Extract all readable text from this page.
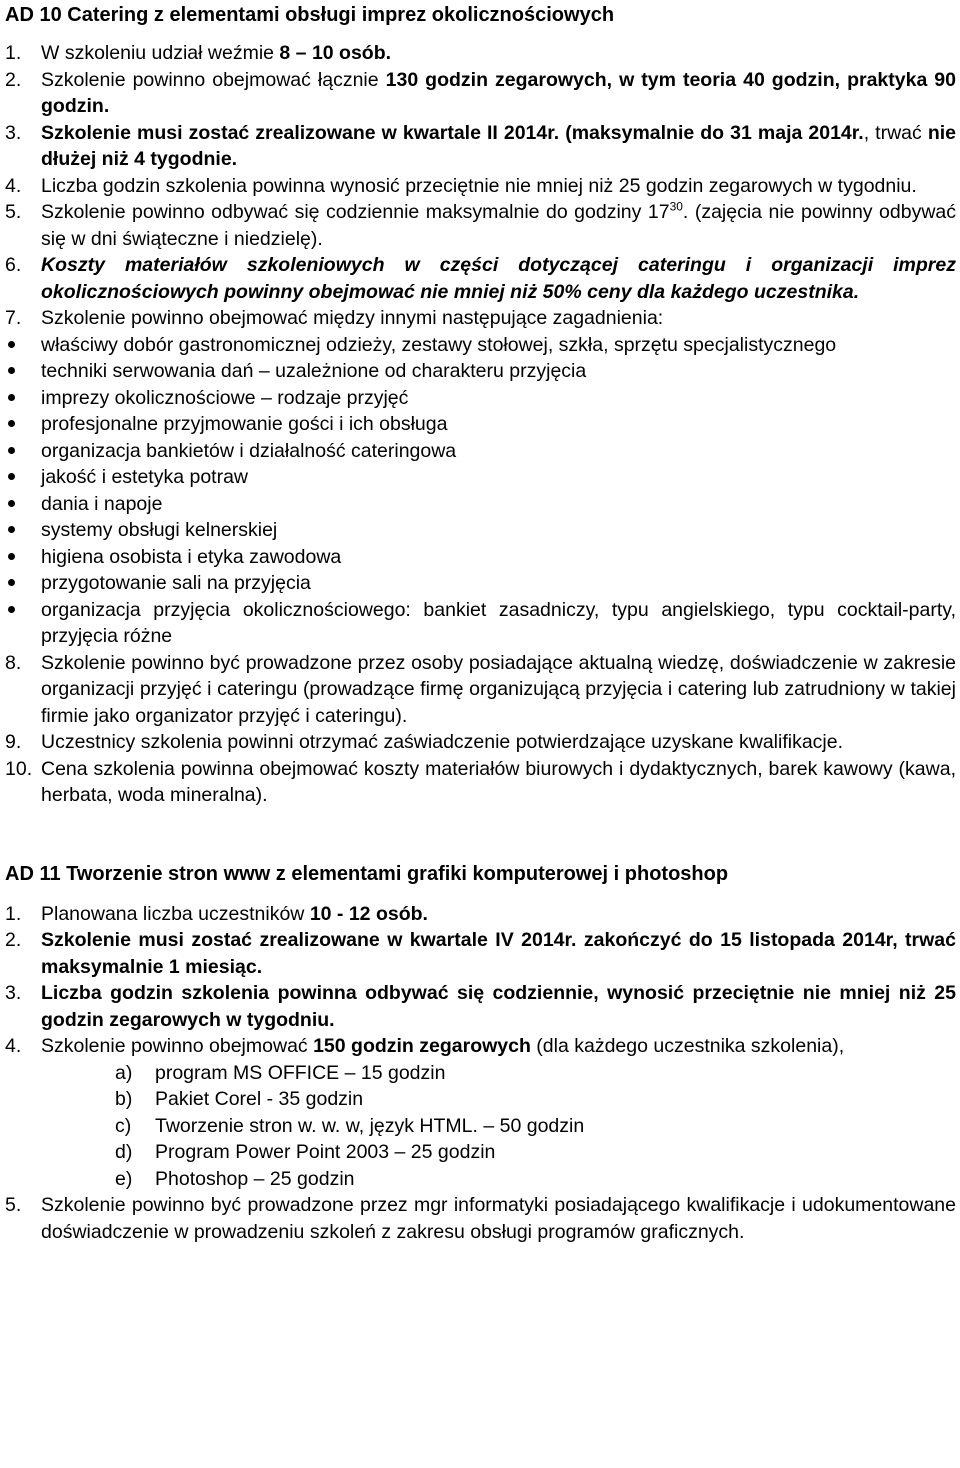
AD 10 Catering z elementami obsługi imprez okolicznościowych
1. W szkoleniu udział weźmie 8 – 10 osób.
2. Szkolenie powinno obejmować łącznie 130 godzin zegarowych, w tym teoria 40 godzin, praktyka 90 godzin.
3. Szkolenie musi zostać zrealizowane w kwartale II 2014r. (maksymalnie do 31 maja 2014r., trwać nie dłużej niż 4 tygodnie.
4. Liczba godzin szkolenia powinna wynosić przeciętnie nie mniej niż 25 godzin zegarowych w tygodniu.
5. Szkolenie powinno odbywać się codziennie maksymalnie do godziny $17^{30}$. (zajęcia nie powinny odbywać się w dni świąteczne i niedzielę).
6. Koszty materiałów szkoleniowych w części dotyczącej cateringu i organizacji imprez okolicznościowych powinny obejmować nie mniej niż 50% ceny dla każdego uczestnika.
7. Szkolenie powinno obejmować między innymi następujące zagadnienia:
właściwy dobór gastronomicznej odzieży, zestawy stołowej, szkła, sprzętu specjalistycznego
techniki serwowania dań – uzależnione od charakteru przyjęcia
imprezy okolicznościowe – rodzaje przyjęć
profesjonalne przyjmowanie gości i ich obsługa
organizacja bankietów i działalność cateringowa
jakość i estetyka potraw
dania i napoje
systemy obsługi kelnerskiej
higiena osobista i etyka zawodowa
przygotowanie sali na przyjęcia
organizacja przyjęcia okolicznościowego: bankiet zasadniczy, typu angielskiego, typu cocktail-party, przyjęcia różne
8. Szkolenie powinno być prowadzone przez osoby posiadające aktualną wiedzę, doświadczenie w zakresie organizacji przyjęć i cateringu (prowadzące firmę organizującą przyjęcia i catering lub zatrudniony w takiej firmie jako organizator przyjęć i cateringu).
9. Uczestnicy szkolenia powinni otrzymać zaświadczenie potwierdzające uzyskane kwalifikacje.
10. Cena szkolenia powinna obejmować koszty materiałów biurowych i dydaktycznych, barek kawowy (kawa, herbata, woda mineralna).
AD 11 Tworzenie stron www z elementami grafiki komputerowej i photoshop
1. Planowana liczba uczestników 10 - 12 osób.
2. Szkolenie musi zostać zrealizowane w kwartale IV 2014r. zakończyć do 15 listopada 2014r, trwać maksymalnie 1 miesiąc.
3. Liczba godzin szkolenia powinna odbywać się codziennie, wynosić przeciętnie nie mniej niż 25 godzin zegarowych w tygodniu.
4. Szkolenie powinno obejmować 150 godzin zegarowych (dla każdego uczestnika szkolenia),
a) program MS OFFICE – 15 godzin
b) Pakiet Corel - 35 godzin
c) Tworzenie stron w. w. w, język HTML. – 50 godzin
d) Program Power Point 2003 – 25 godzin
e) Photoshop – 25 godzin
5. Szkolenie powinno być prowadzone przez mgr informatyki posiadającego kwalifikacje i udokumentowane doświadczenie w prowadzeniu szkoleń z zakresu obsługi programów graficznych.
